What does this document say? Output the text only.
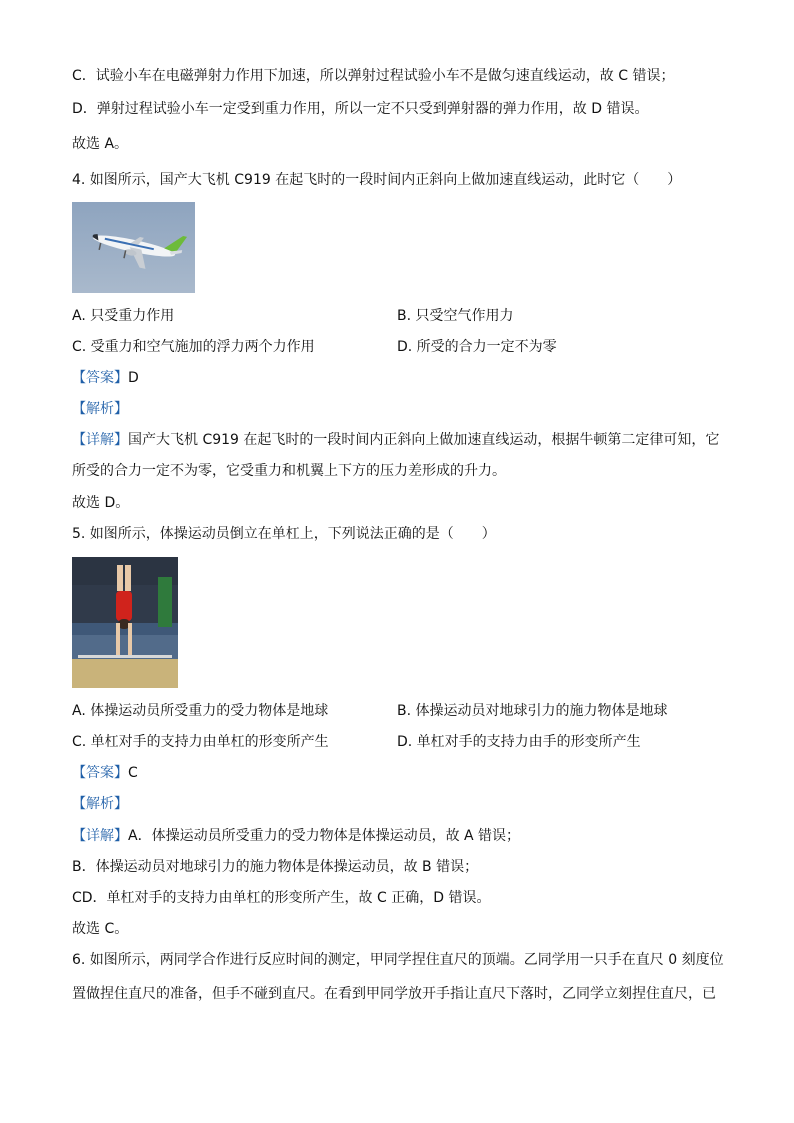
C．试验小车在电磁弹射力作用下加速，所以弹射过程试验小车不是做匀速直线运动，故 C 错误；
D．弹射过程试验小车一定受到重力作用，所以一定不只受到弹射器的弹力作用，故 D 错误。
故选 A。
4. 如图所示，国产大飞机 C919 在起飞时的一段时间内正斜向上做加速直线运动，此时它（　　）
A. 只受重力作用	B. 只受空气作用力
C. 受重力和空气施加的浮力两个力作用	D. 所受的合力一定不为零
【答案】D
【解析】
【详解】国产大飞机 C919 在起飞时的一段时间内正斜向上做加速直线运动，根据牛顿第二定律可知，它
所受的合力一定不为零，它受重力和机翼上下方的压力差形成的升力。
故选 D。
5. 如图所示，体操运动员倒立在单杠上，下列说法正确的是（　　）
A. 体操运动员所受重力的受力物体是地球	B. 体操运动员对地球引力的施力物体是地球
C. 单杠对手的支持力由单杠的形变所产生	D. 单杠对手的支持力由手的形变所产生
【答案】C
【解析】
【详解】A．体操运动员所受重力的受力物体是体操运动员，故 A 错误；
B．体操运动员对地球引力的施力物体是体操运动员，故 B 错误；
CD．单杠对手的支持力由单杠的形变所产生，故 C 正确，D 错误。
故选 C。
6. 如图所示，两同学合作进行反应时间的测定，甲同学捏住直尺的顶端。乙同学用一只手在直尺 0 刻度位
置做捏住直尺的准备，但手不碰到直尺。在看到甲同学放开手指让直尺下落时，乙同学立刻捏住直尺，已
